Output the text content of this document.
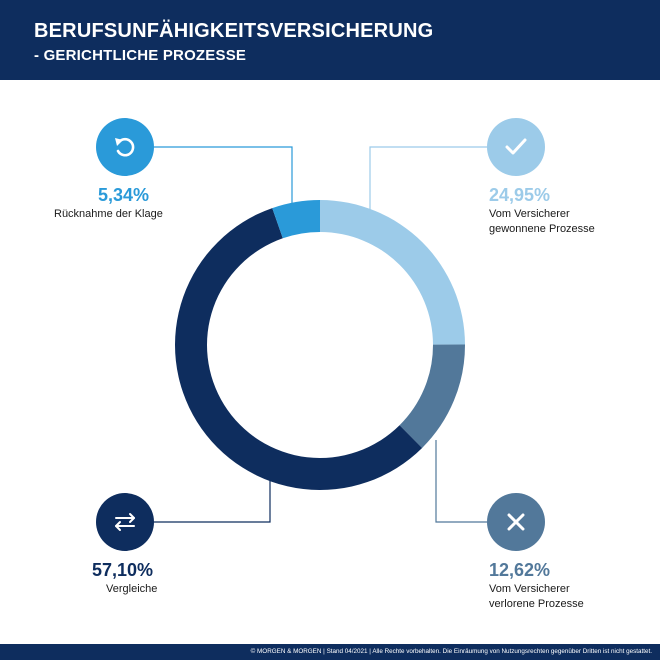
BERUFSUNFÄHIGKEITSVERSICHERUNG
- GERICHTLICHE PROZESSE
5,34%
Rücknahme der Klage
24,95%
Vom Versicherer
gewonnene Prozesse
57,10%
Vergleiche
12,62%
Vom Versicherer
verlorene Prozesse
© MORGEN & MORGEN | Stand 04/2021 | Alle Rechte vorbehalten. Die Einräumung von Nutzungsrechten gegenüber Dritten ist nicht gestattet.
